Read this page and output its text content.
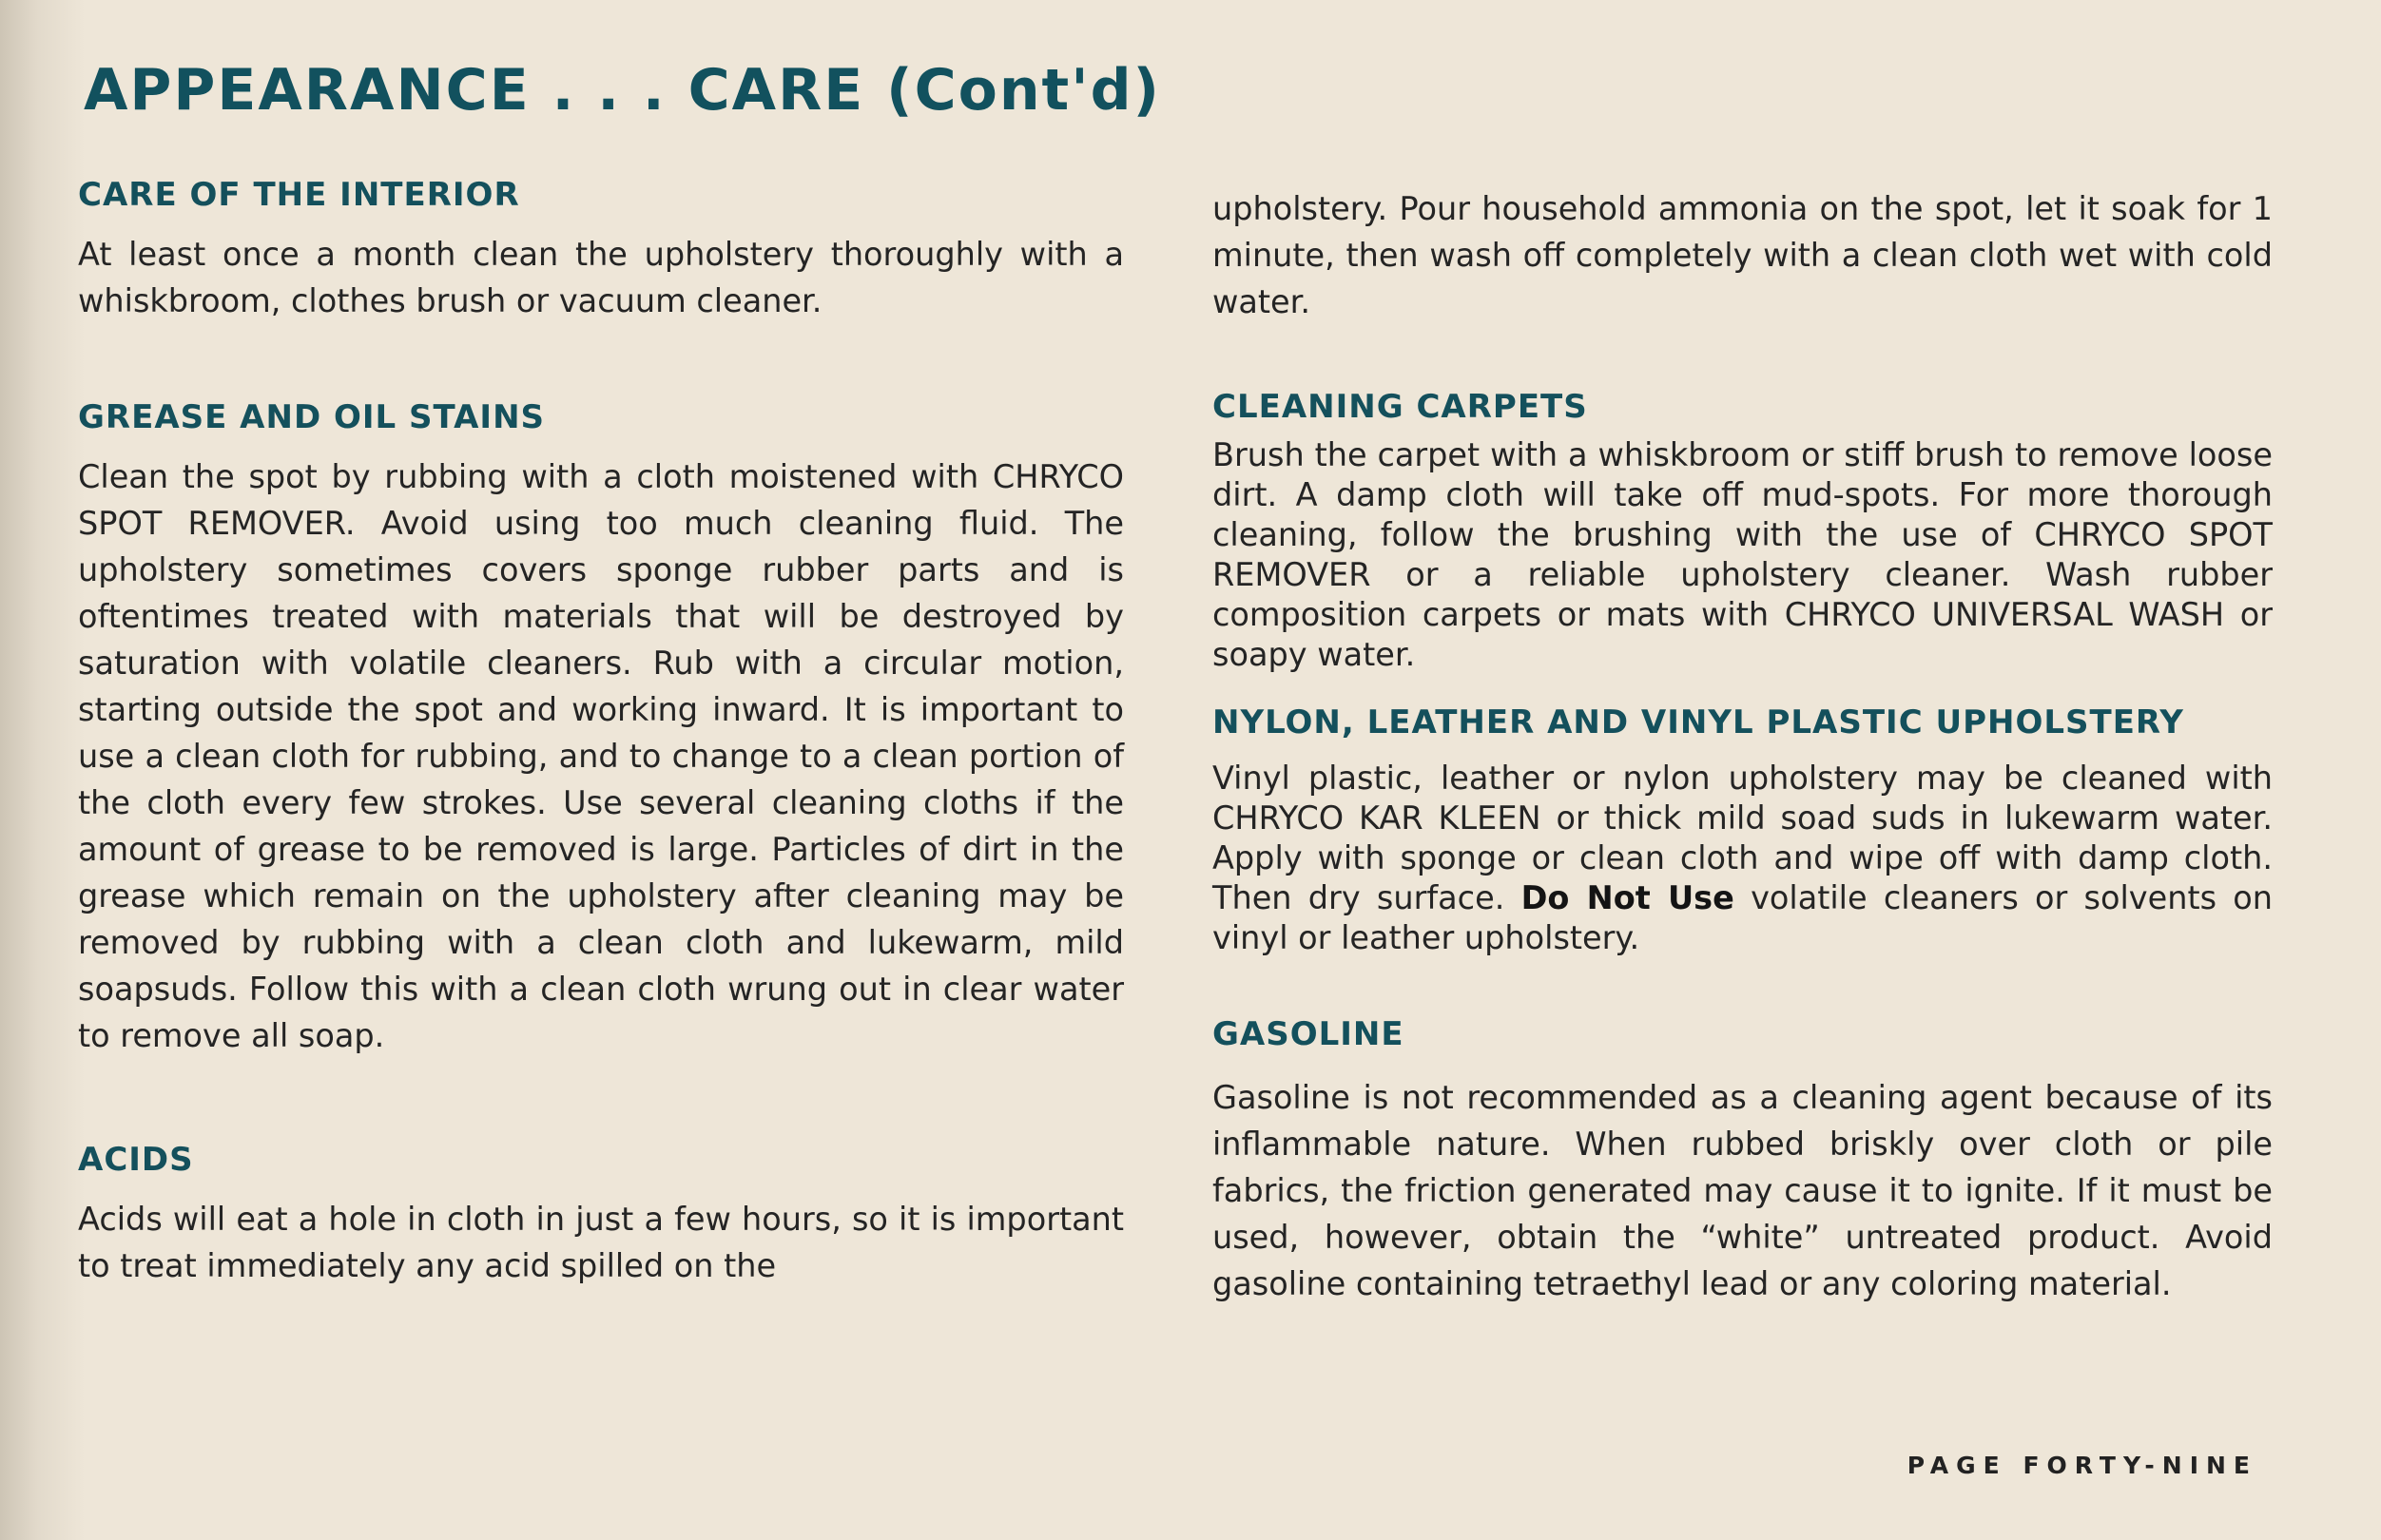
APPEARANCE . . . CARE (Cont'd)
CARE OF THE INTERIOR

At least once a month clean the upholstery thoroughly with a whiskbroom, clothes brush or vacuum cleaner.

GREASE AND OIL STAINS

Clean the spot by rubbing with a cloth moistened with CHRYCO SPOT REMOVER. Avoid using too much cleaning fluid. The upholstery sometimes covers sponge rubber parts and is oftentimes treated with materials that will be destroyed by saturation with volatile cleaners. Rub with a circular motion, starting outside the spot and working inward. It is important to use a clean cloth for rubbing, and to change to a clean portion of the cloth every few strokes. Use several cleaning cloths if the amount of grease to be removed is large. Particles of dirt in the grease which remain on the upholstery after cleaning may be removed by rubbing with a clean cloth and lukewarm, mild soapsuds. Follow this with a clean cloth wrung out in clear water to remove all soap.

ACIDS

Acids will eat a hole in cloth in just a few hours, so it is important to treat immediately any acid spilled on the

upholstery. Pour household ammonia on the spot, let it soak for 1 minute, then wash off completely with a clean cloth wet with cold water.

CLEANING CARPETS

Brush the carpet with a whiskbroom or stiff brush to remove loose dirt. A damp cloth will take off mud-spots. For more thorough cleaning, follow the brushing with the use of CHRYCO SPOT REMOVER or a reliable upholstery cleaner. Wash rubber composition carpets or mats with CHRYCO UNIVERSAL WASH or soapy water.

NYLON, LEATHER AND VINYL PLASTIC UPHOLSTERY

Vinyl plastic, leather or nylon upholstery may be cleaned with CHRYCO KAR KLEEN or thick mild soad suds in lukewarm water. Apply with sponge or clean cloth and wipe off with damp cloth. Then dry surface. Do Not Use volatile cleaners or solvents on vinyl or leather upholstery.

GASOLINE

Gasoline is not recommended as a cleaning agent because of its inflammable nature. When rubbed briskly over cloth or pile fabrics, the friction generated may cause it to ignite. If it must be used, however, obtain the “white” untreated product. Avoid gasoline containing tetraethyl lead or any coloring material.

PAGE FORTY-NINE
